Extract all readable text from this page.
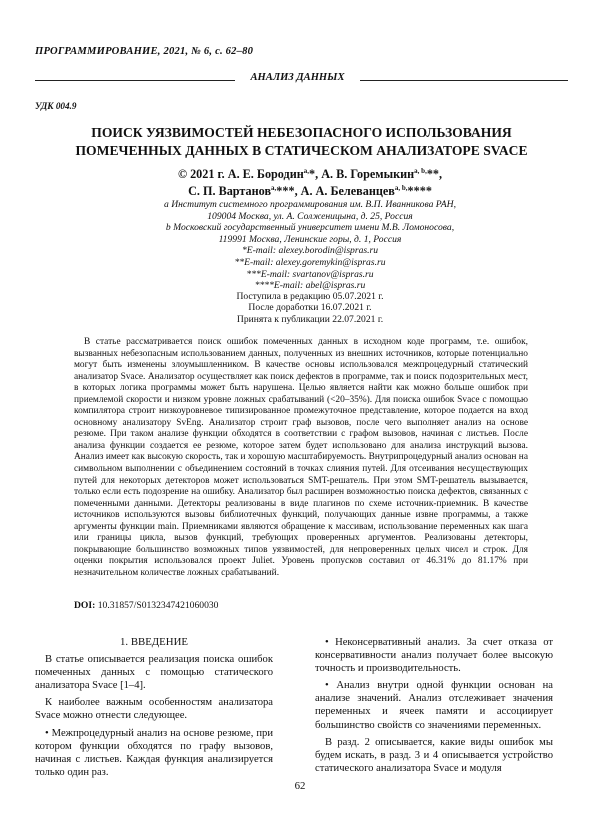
ПРОГРАММИРОВАНИЕ, 2021, № 6, с. 62–80
АНАЛИЗ ДАННЫХ
УДК 004.9
ПОИСК УЯЗВИМОСТЕЙ НЕБЕЗОПАСНОГО ИСПОЛЬЗОВАНИЯ
ПОМЕЧЕННЫХ ДАННЫХ В СТАТИЧЕСКОМ АНАЛИЗАТОРЕ SVACE
© 2021 г. А. Е. Бородин$^{a,}$*, А. В. Горемыкин$^{a, b,}$**,
С. П. Вартанов$^{a,}$***, А. А. Белеванцев$^{a, b,}$****
a Институт системного программирования им. В.П. Иванникова РАН,
109004 Москва, ул. А. Солженицына, д. 25, Россия
b Московский государственный университет имени М.В. Ломоносова,
119991 Москва, Ленинские горы, д. 1, Россия
*E-mail: alexey.borodin@ispras.ru
**E-mail: alexey.goremykin@ispras.ru
***E-mail: svartanov@ispras.ru
****E-mail: abel@ispras.ru
Поступила в редакцию 05.07.2021 г.
После доработки 16.07.2021 г.
Принята к публикации 22.07.2021 г.

В статье рассматривается поиск ошибок помеченных данных в исходном коде программ, т.е. ошибок, вызванных небезопасным использованием данных, полученных из внешних источников, которые потенциально могут быть изменены злоумышленником. В качестве основы использовался межпроцедурный статический анализатор Svace. Анализатор осуществляет как поиск дефектов в программе, так и поиск подозрительных мест, в которых логика программы может быть нарушена. Целью является найти как можно больше ошибок при приемлемой скорости и низком уровне ложных срабатываний (<20–35%). Для поиска ошибок Svace с помощью компилятора строит низкоуровневое типизированное промежуточное представление, которое подается на вход основному анализатору SvEng. Анализатор строит граф вызовов, после чего выполняет анализ на основе резюме. При таком анализе функции обходятся в соответствии с графом вызовов, начиная с листьев. После анализа функции создается ее резюме, которое затем будет использовано для анализа инструкций вызова. Анализ имеет как высокую скорость, так и хорошую масштабируемость. Внутрипроцедурный анализ основан на символьном выполнении с объединением состояний в точках слияния путей. Для отсеивания несуществующих путей для некоторых детекторов может использоваться SMT-решатель. При этом SMT-решатель вызывается, только если есть подозрение на ошибку. Анализатор был расширен возможностью поиска дефектов, связанных с помеченными данными. Детекторы реализованы в виде плагинов по схеме источник-приемник. В качестве источников используются вызовы библиотечных функций, получающих данные извне программы, а также аргументы функции main. Приемниками являются обращение к массивам, использование переменных как шага или границы цикла, вызов функций, требующих проверенных аргументов. Реализованы детекторы, покрывающие большинство возможных типов уязвимостей, для непроверенных целых чисел и строк. Для оценки покрытия использовался проект Juliet. Уровень пропусков составил от 46.31% до 81.17% при незначительном количестве ложных срабатываний.

DOI: 10.31857/S0132347421060030

1. ВВЕДЕНИЕ

В статье описывается реализация поиска ошибок помеченных данных с помощью статического анализатора Svace [1–4].

К наиболее важным особенностям анализатора Svace можно отнести следующее.

• Межпроцедурный анализ на основе резюме, при котором функции обходятся по графу вызовов, начиная с листьев. Каждая функция анализируется только один раз.

• Неконсервативный анализ. За счет отказа от консервативности анализ получает более высокую точность и производительность.

• Анализ внутри одной функции основан на анализе значений. Анализ отслеживает значения переменных и ячеек памяти и ассоциирует большинство свойств со значениями переменных.

В разд. 2 описывается, какие виды ошибок мы будем искать, в разд. 3 и 4 описывается устройство статического анализатора Svace и модуля

62
